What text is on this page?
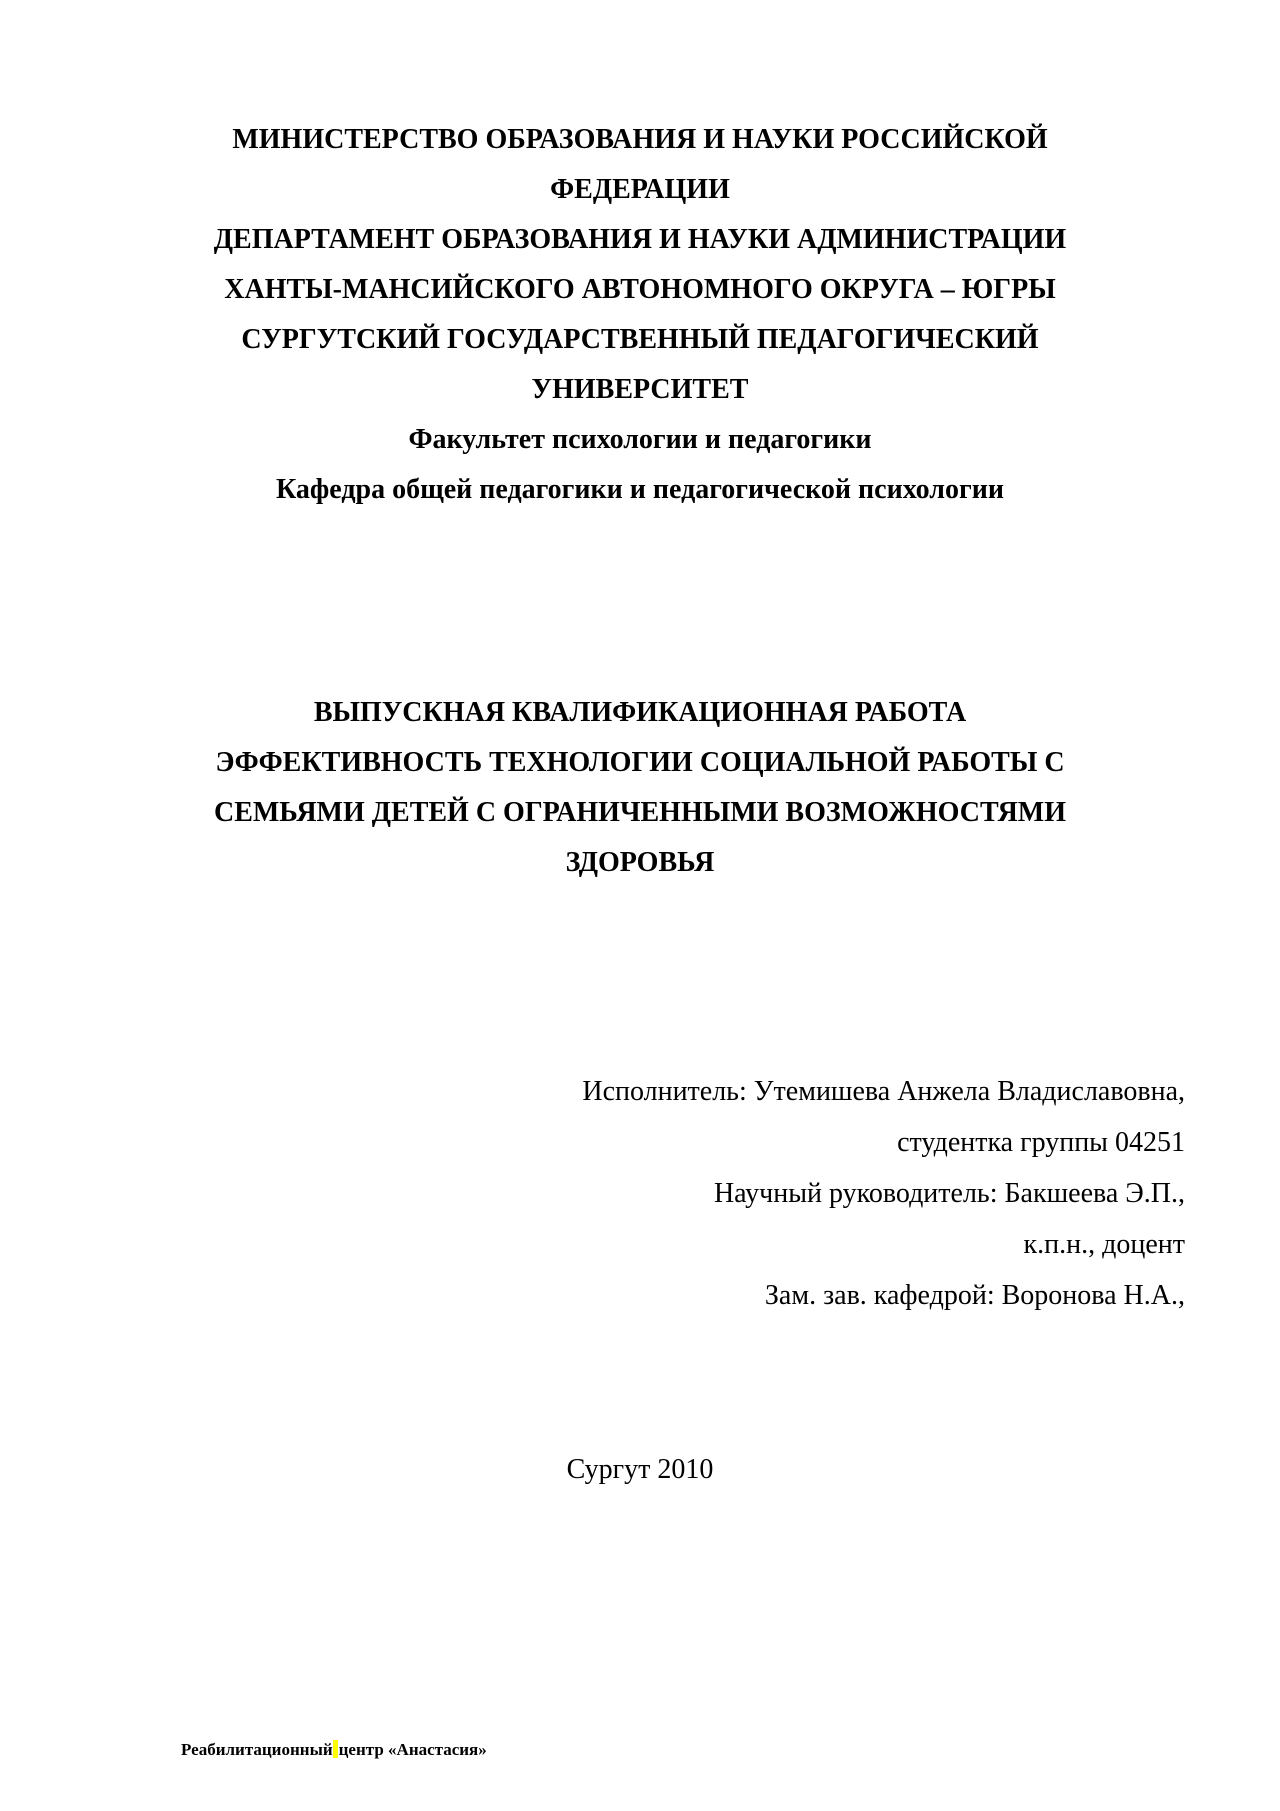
МИНИСТЕРСТВО ОБРАЗОВАНИЯ И НАУКИ РОССИЙСКОЙ

ФЕДЕРАЦИИ

ДЕПАРТАМЕНТ ОБРАЗОВАНИЯ И НАУКИ АДМИНИСТРАЦИИ

ХАНТЫ-МАНСИЙСКОГО АВТОНОМНОГО ОКРУГА – ЮГРЫ

СУРГУТСКИЙ ГОСУДАРСТВЕННЫЙ ПЕДАГОГИЧЕСКИЙ

УНИВЕРСИТЕТ

Факультет психологии и педагогики

Кафедра общей педагогики и педагогической психологии

ВЫПУСКНАЯ КВАЛИФИКАЦИОННАЯ РАБОТА

ЭФФЕКТИВНОСТЬ ТЕХНОЛОГИИ СОЦИАЛЬНОЙ РАБОТЫ С

СЕМЬЯМИ ДЕТЕЙ С ОГРАНИЧЕННЫМИ ВОЗМОЖНОСТЯМИ

ЗДОРОВЬЯ

Исполнитель: Утемишева Анжела Владиславовна,

студентка группы 04251

Научный руководитель: Бакшеева Э.П.,

к.п.н., доцент

Зам. зав. кафедрой: Воронова Н.А.,

Сургут 2010

Реабилитационный центр «Анастасия»
